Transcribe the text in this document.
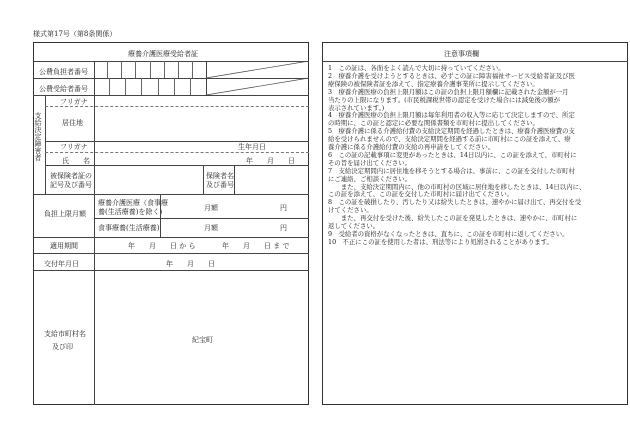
様式第17号（第8条関係）
療養介護医療受給者証
公費負担者番号
公費受給者番号
支給決定障害者
フリガナ
居住地
フリガナ	生年月日
氏　　名	年　　月　　日
被保険者証の
記号及び番号
保険者名
及び番号
負担上限月額
療養介護医療（食事療
養(生活療養)を除く)	月額	円
食事療養(生活療養)	月額	円
適用期間	年　　月　　日 か ら	年　　月　　日 ま で
交付年月日	年　　月　　日
支給市町村名
及び印
紀宝町
注意事項欄
1　この証は、各面をよく読んで大切に持っていてください。
2　療養介護を受けようとするときは、必ずこの証に障害福祉サービス受給者証及び医
療保険の被保険者証を添えて、指定療養介護事業所に提示してください。
3　療養介護医療の負担上限月額はこの証の負担上限月額欄に記載された金額が一月
当たりの上限になります。(市民税課税世帯の認定を受けた場合には減免後の額が
表示されています。)
4　療養介護医療の負担上限月額は毎年利用者の収入等に応じて決定しますので、所定
の時期に、この証と認定に必要な関係書類を市町村に提出してください。
5　療養介護に係る介護給付費の支給決定期間を経過したときは、療養介護医療費の支
給を受けられませんので、支給決定期間を経過する前に市町村にこの証を添えて、療
養介護に係る介護給付費の支給の再申請をしてください。
6　この証の記載事項に変更があったときは、14日以内に、この証を添えて、市町村に
その旨を届け出てください。
7　支給決定期間内に居住地を移そうとする場合は、事前に、この証を交付した市町村
にご連絡、ご相談ください。
　　また、支給決定期間内に、他の市町村の区域に居住地を移したときは、14日以内に、
この証を添えて、この証を交付した市町村に届け出てください。
8　この証を破損したり、汚したり又は紛失したときは、速やかに届け出て、再交付を受
けてください。
　　また、再交付を受けた後、紛失したこの証を発見したときは、速やかに、市町村に
返してください。
9　受給者の資格がなくなったときは、直ちに、この証を市町村に返してください。
10　不正にこの証を使用した者は、刑法等により処罰されることがあります。
